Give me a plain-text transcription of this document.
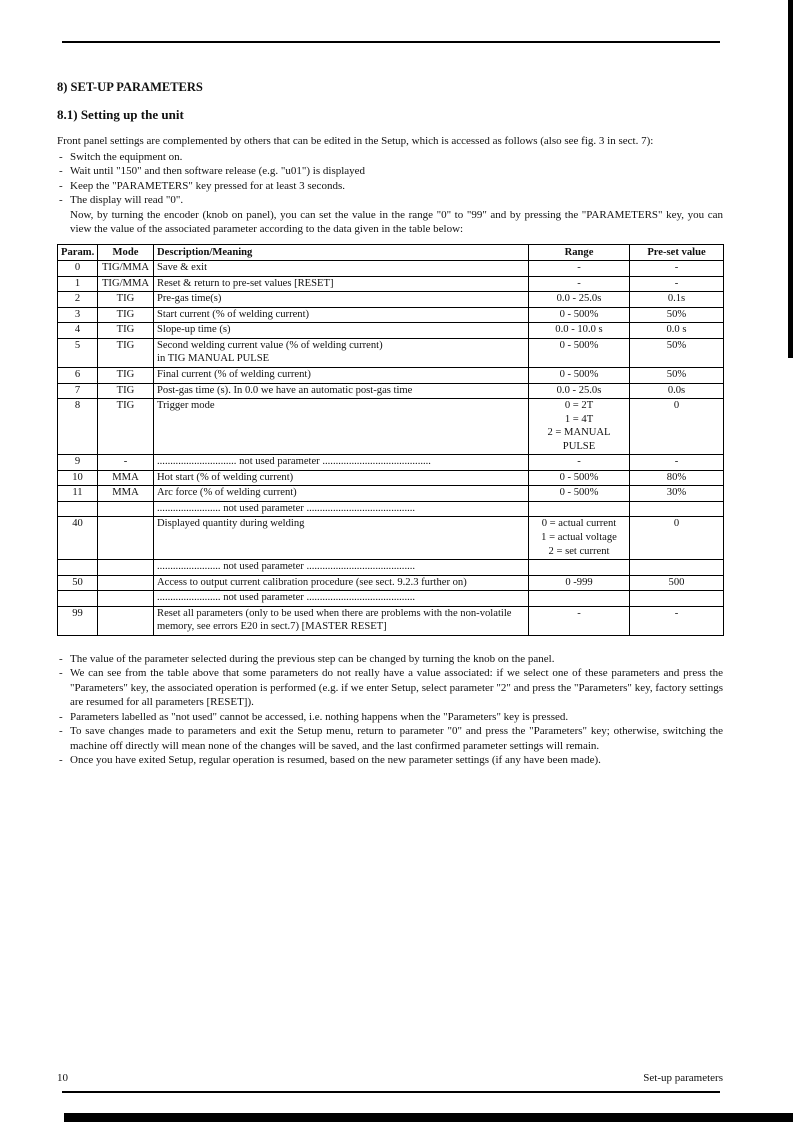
8) SET-UP PARAMETERS
8.1) Setting up the unit

Front panel settings are complemented by others that can be edited in the Setup, which is accessed as follows (also see fig. 3 in sect. 7):

- Switch the equipment on.
- Wait until "150" and then software release (e.g. "u01") is displayed
- Keep the "PARAMETERS" key pressed for at least 3 seconds.
- The display will read "0".

Now, by turning the encoder (knob on panel), you can set the value in the range "0" to "99" and by pressing the "PARAMETERS" key, you can view the value of the associated parameter according to the data given in the table below:

Param.	Mode	Description/Meaning	Range	Pre-set value

0	TIG/MMA	Save & exit	-	-

1	TIG/MMA	Reset & return to pre-set values [RESET]	-	-

2	TIG	Pre-gas time(s)	0.0 - 25.0s	0.1s

3	TIG	Start current (% of welding current)	0 - 500%	50%

4	TIG	Slope-up time (s)	0.0 - 10.0 s	0.0 s

5	TIG	Second welding current value (% of welding current)
in TIG MANUAL PULSE	0 - 500%	50%

6	TIG	Final current (% of welding current)	0 - 500%	50%

7	TIG	Post-gas time (s). In 0.0 we have an automatic post-gas time	0.0 - 25.0s	0.0s

8	TIG	Trigger mode	0 = 2T
1 = 4T
2 = MANUAL
PULSE	0

9	-	.............................. not used parameter .........................................	-	-

10	MMA	Hot start (% of welding current)	0 - 500%	80%

11	MMA	Arc force (% of welding current)	0 - 500%	30%

		........................ not used parameter .........................................		

40		Displayed quantity during welding	0 = actual current
1 = actual voltage
2 = set current	0

		........................ not used parameter .........................................		

50		Access to output current calibration procedure (see sect. 9.2.3 further on)	0 -999	500

		........................ not used parameter .........................................		

99		Reset all parameters (only to be used when there are problems with the non-volatile memory, see errors E20 in sect.7) [MASTER RESET]	-	-
- The value of the parameter selected during the previous step can be changed by turning the knob on the panel.
- We can see from the table above that some parameters do not really have a value associated: if we select one of these parameters and press the "Parameters" key, the associated operation is performed (e.g. if we enter Setup, select parameter "2" and press the "Parameters" key, factory settings are resumed for all parameters [RESET]).
- Parameters labelled as "not used" cannot be accessed, i.e. nothing happens when the "Parameters" key is pressed.
- To save changes made to parameters and exit the Setup menu, return to parameter "0" and press the "Parameters" key; otherwise, switching the machine off directly will mean none of the changes will be saved, and the last confirmed parameter settings will remain.
- Once you have exited Setup, regular operation is resumed, based on the new parameter settings (if any have been made).
10	Set-up parameters
